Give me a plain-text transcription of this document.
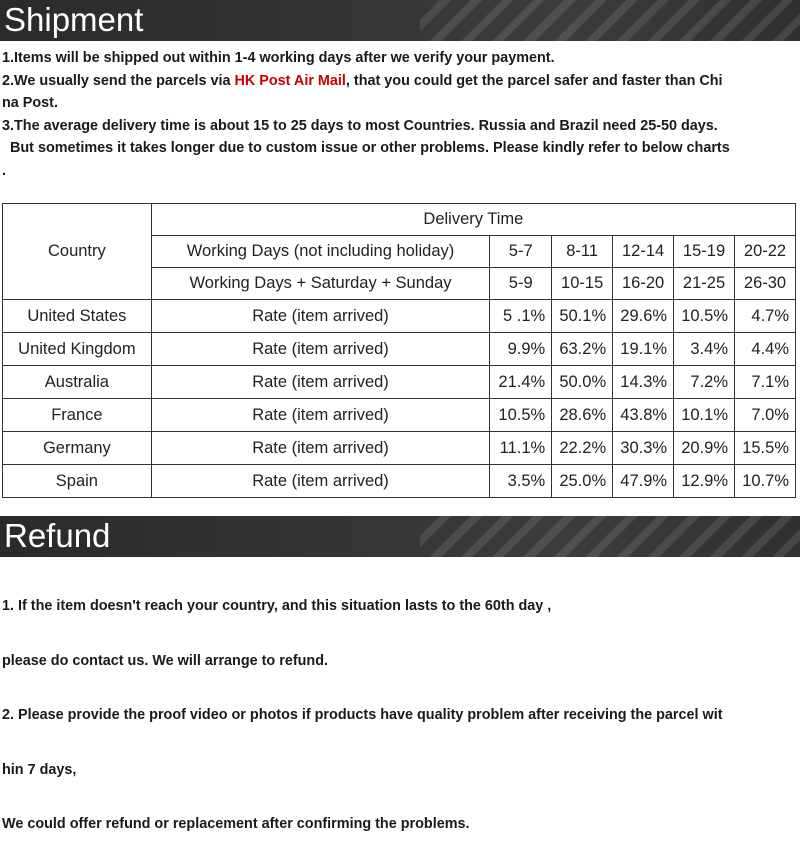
Shipment
1.Items will be shipped out within 1-4 working days after we verify your payment.
2.We usually send the parcels via HK Post Air Mail, that you could get the parcel safer and faster than Chi
na Post.
3.The average delivery time is about 15 to 25 days to most Countries. Russia and Brazil need 25-50 days.
But sometimes it takes longer due to custom issue or other problems. Please kindly refer to below charts
.
Country	Delivery Time					
	Working Days (not including holiday)	5-7	8-11	12-14	15-19	20-22
	Working Days + Saturday + Sunday	5-9	10-15	16-20	21-25	26-30
United States	Rate (item arrived)	5 .1%	50.1%	29.6%	10.5%	4.7%
United Kingdom	Rate (item arrived)	9.9%	63.2%	19.1%	3.4%	4.4%
Australia	Rate (item arrived)	21.4%	50.0%	14.3%	7.2%	7.1%
France	Rate (item arrived)	10.5%	28.6%	43.8%	10.1%	7.0%
Germany	Rate (item arrived)	11.1%	22.2%	30.3%	20.9%	15.5%
Spain	Rate (item arrived)	3.5%	25.0%	47.9%	12.9%	10.7%
Refund

1. If the item doesn't reach your country, and this situation lasts to the 60th day ,

please do contact us. We will arrange to refund.

2. Please provide the proof video or photos if products have quality problem after receiving the parcel wit

hin 7 days,

We could offer refund or replacement after confirming the problems.
